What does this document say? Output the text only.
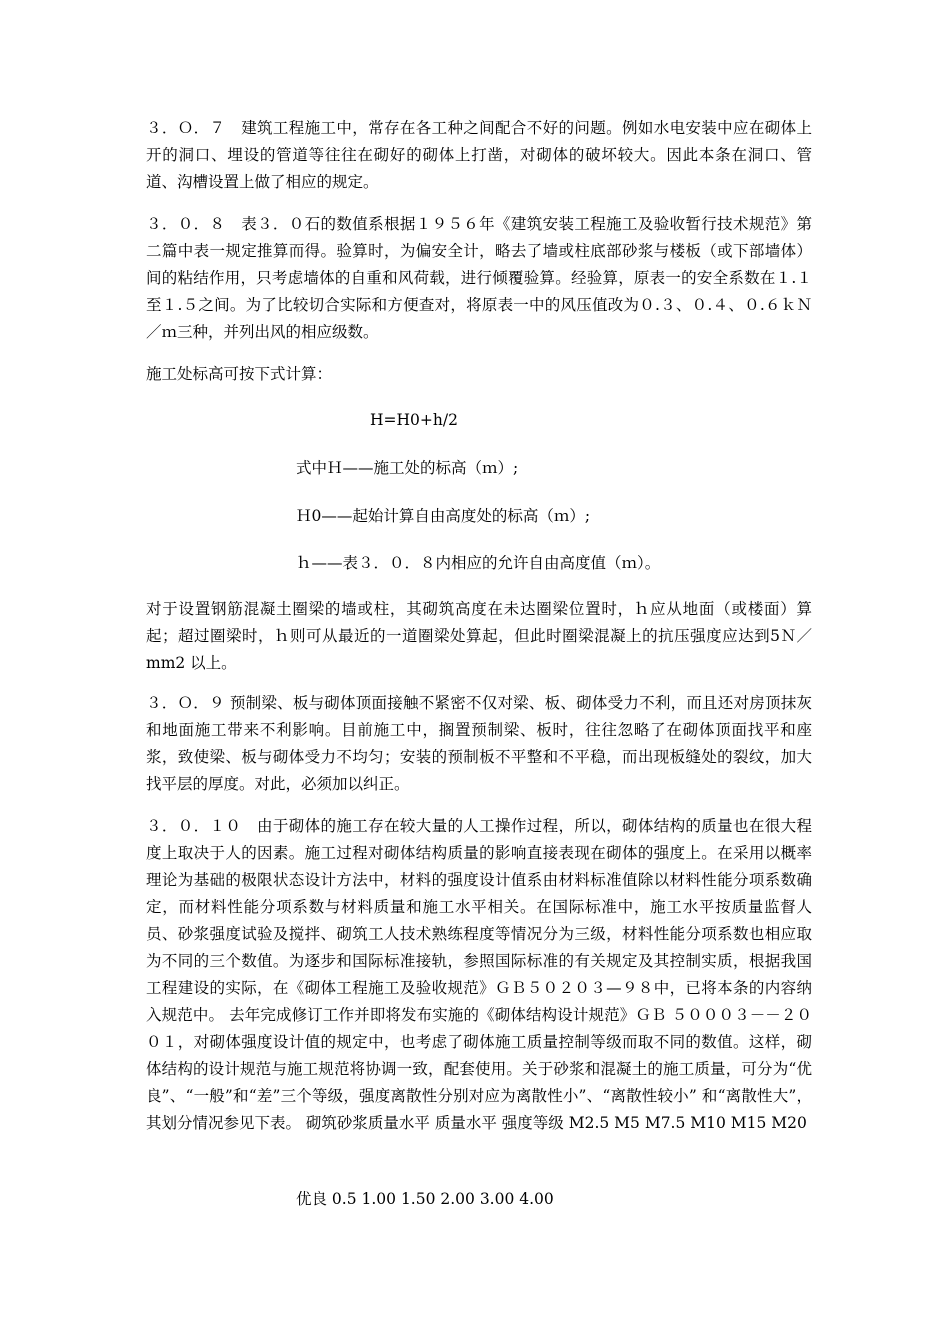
３．Ｏ．７　建筑工程施工中，常存在各工种之间配合不好的问题。例如水电安装中应在砌体上开的洞口、埋设的管道等往往在砌好的砌体上打凿，对砌体的破坏较大。因此本条在洞口、管道、沟槽设置上做了相应的规定。

３．０．８　表３．０石的数值系根据１９５６年《建筑安装工程施工及验收暂行技术规范》第二篇中表一规定推算而得。验算时，为偏安全计，略去了墙或柱底部砂浆与楼板（或下部墙体）间的粘结作用，只考虑墙体的自重和风荷载，进行倾覆验算。经验算，原表一的安全系数在１.１至１.５之间。为了比较切合实际和方便查对，将原表一中的风压值改为０.３、０.４、０.６ｋＮ／ｍ三种，并列出风的相应级数。

施工处标高可按下式计算：

H=H0+h/2

式中Ｈ——施工处的标高（ｍ）;

Ｈ0——起始计算自由高度处的标高（ｍ）;

ｈ——表３．０．８内相应的允许自由高度值（ｍ）。

对于设置钢筋混凝土圈梁的墙或柱，其砌筑高度在未达圈梁位置时，ｈ应从地面（或楼面）算起；超过圈梁时，ｈ则可从最近的一道圈梁处算起，但此时圈梁混凝上的抗压强度应达到5Ｎ／mm2 以上。

３．Ｏ．９ 预制梁、板与砌体顶面接触不紧密不仅对梁、板、砌体受力不利，而且还对房顶抹灰和地面施工带来不利影响。目前施工中，搁置预制梁、板时，往往忽略了在砌体顶面找平和座浆，致使梁、板与砌体受力不均匀；安装的预制板不平整和不平稳，而出现板缝处的裂纹，加大找平层的厚度。对此，必须加以纠正。

３．０．１０　由于砌体的施工存在较大量的人工操作过程，所以，砌体结构的质量也在很大程度上取决于人的因素。施工过程对砌体结构质量的影响直接表现在砌体的强度上。在采用以概率理论为基础的极限状态设计方法中，材料的强度设计值系由材料标准值除以材料性能分项系数确定，而材料性能分项系数与材料质量和施工水平相关。在国际标准中，施工水平按质量监督人员、砂浆强度试验及搅拌、砌筑工人技术熟练程度等情况分为三级，材料性能分项系数也相应取为不同的三个数值。为逐步和国际标准接轨，参照国际标准的有关规定及其控制实质，根据我国工程建设的实际，在《砌体工程施工及验收规范》ＧＢ５０２０３—９８中，已将本条的内容纳入规范中。 去年完成修订工作并即将发布实施的《砌体结构设计规范》ＧＢ ５０００３－－２００１，对砌体强度设计值的规定中，也考虑了砌体施工质量控制等级而取不同的数值。这样，砌体结构的设计规范与施工规范将协调一致，配套使用。关于砂浆和混凝土的施工质量，可分为“优良”、“一般”和“差”三个等级，强度离散性分别对应为离散性小”、“离散性较小” 和“离散性大”，其划分情况参见下表。 砌筑砂浆质量水平 质量水平 强度等级 M2.5 M5 M7.5 M10 M15 M20

优良 0.5 1.00 1.50 2.00 3.00 4.00
